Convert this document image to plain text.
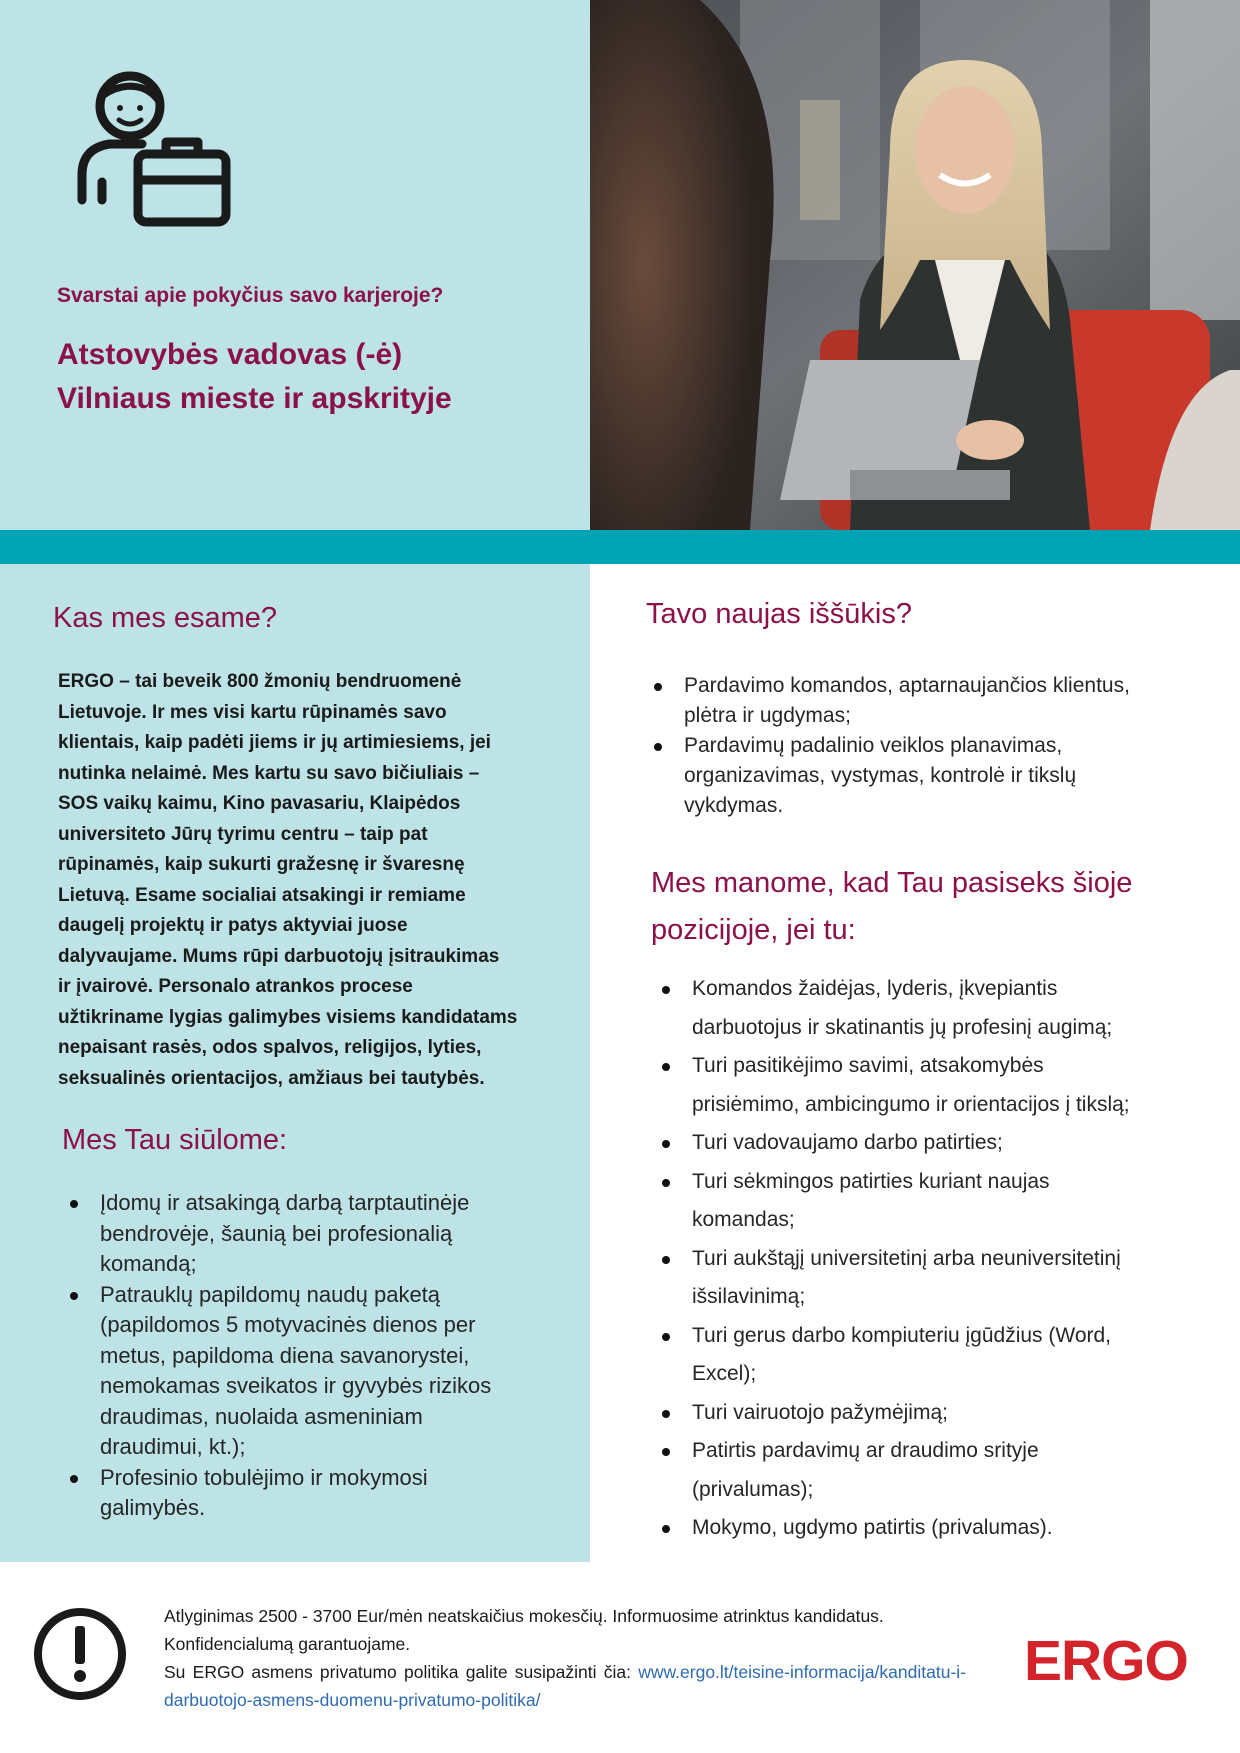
Svarstai apie pokyčius savo karjeroje?
Atstovybės vadovas (-ė)
Vilniaus mieste ir apskrityje
Kas mes esame?
ERGO – tai beveik 800 žmonių bendruomenė
Lietuvoje. Ir mes visi kartu rūpinamės savo
klientais, kaip padėti jiems ir jų artimiesiems, jei
nutinka nelaimė. Mes kartu su savo bičiuliais –
SOS vaikų kaimu, Kino pavasariu, Klaipėdos
universiteto Jūrų tyrimu centru – taip pat
rūpinamės, kaip sukurti gražesnę ir švaresnę
Lietuvą. Esame socialiai atsakingi ir remiame
daugelį projektų ir patys aktyviai juose
dalyvaujame. Mums rūpi darbuotojų įsitraukimas
ir įvairovė. Personalo atrankos procese
užtikriname lygias galimybes visiems kandidatams
nepaisant rasės, odos spalvos, religijos, lyties,
seksualinės orientacijos, amžiaus bei tautybės.
Mes Tau siūlome:
Įdomų ir atsakingą darbą tarptautinėje
bendrovėje, šaunią bei profesionalią
komandą;
Patrauklų papildomų naudų paketą
(papildomos 5 motyvacinės dienos per
metus, papildoma diena savanorystei,
nemokamas sveikatos ir gyvybės rizikos
draudimas, nuolaida asmeniniam
draudimui, kt.);
Profesinio tobulėjimo ir mokymosi
galimybės.
Tavo naujas iššūkis?
Pardavimo komandos, aptarnaujančios klientus,
plėtra ir ugdymas;
Pardavimų padalinio veiklos planavimas,
organizavimas, vystymas, kontrolė ir tikslų
vykdymas.
Mes manome, kad Tau pasiseks šioje
pozicijoje, jei tu:
Komandos žaidėjas, lyderis, įkvepiantis
darbuotojus ir skatinantis jų profesinį augimą;
Turi pasitikėjimo savimi, atsakomybės
prisiėmimo, ambicingumo ir orientacijos į tikslą;
Turi vadovaujamo darbo patirties;
Turi sėkmingos patirties kuriant naujas
komandas;
Turi aukštąjį universitetinį arba neuniversitetinį
išsilavinimą;
Turi gerus darbo kompiuteriu įgūdžius (Word,
Excel);
Turi vairuotojo pažymėjimą;
Patirtis pardavimų ar draudimo srityje
(privalumas);
Mokymo, ugdymo patirtis (privalumas).
Atlyginimas 2500 - 3700 Eur/mėn neatskaičius mokesčių. Informuosime atrinktus kandidatus.
Konfidencialumą garantuojame.
Su ERGO asmens privatumo politika galite susipažinti čia: www.ergo.lt/teisine-informacija/kanditatu-i-darbuotojo-asmens-duomenu-privatumo-politika/
ERGO
